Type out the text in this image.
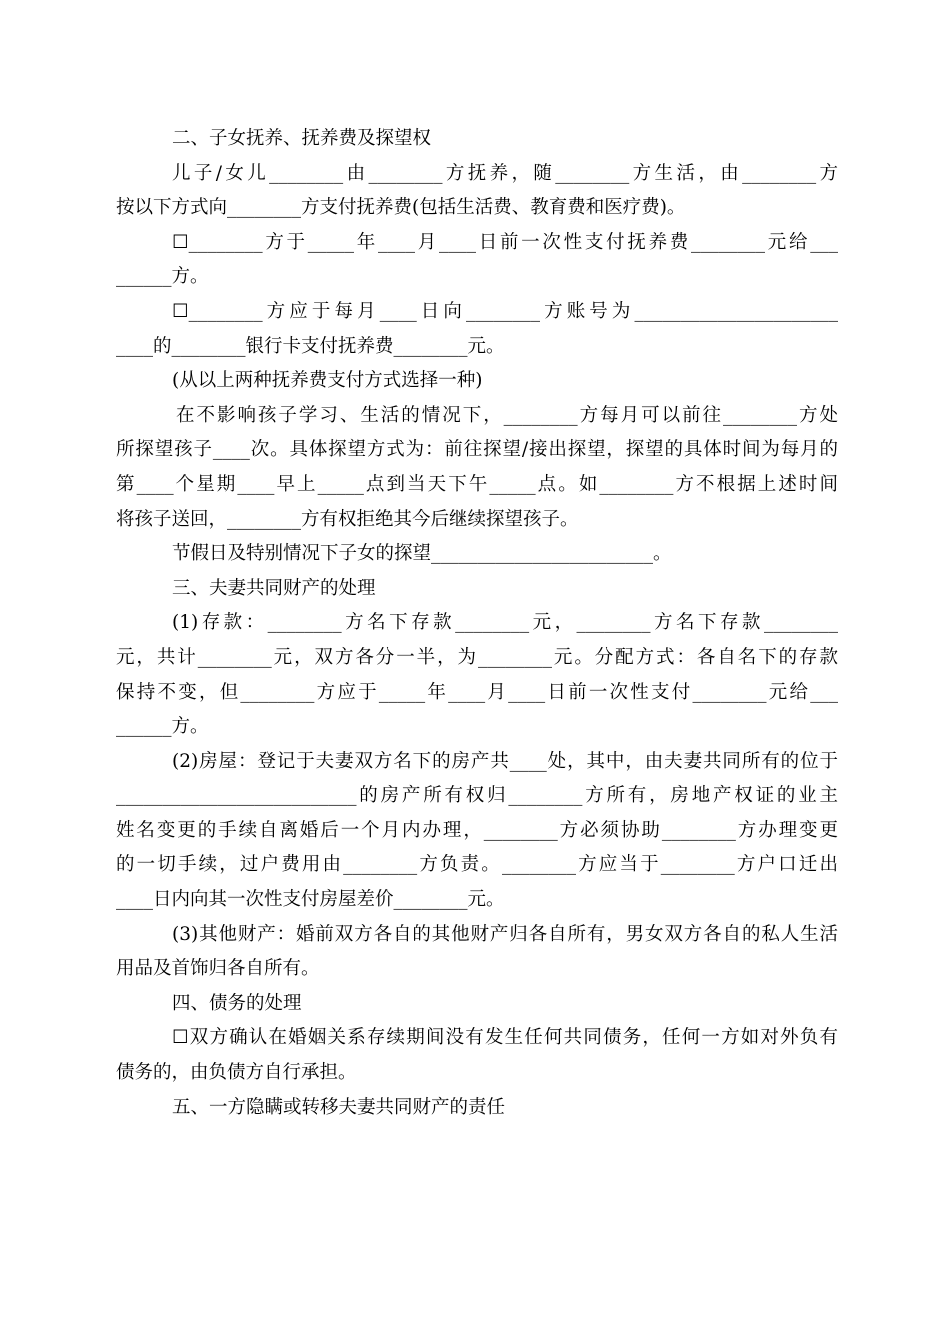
二、子女抚养、抚养费及探望权
儿子/女儿________由________方抚养，随________方生活，由________方
按以下方式向________方支付抚养费(包括生活费、教育费和医疗费)。
☐________方于_____年____月____日前一次性支付抚养费________元给___
______方。
☐________方应于每月____日向________方账号为______________________
____的________银行卡支付抚养费________元。
(从以上两种抚养费支付方式选择一种)
在不影响孩子学习、生活的情况下，________方每月可以前往________方处
所探望孩子____次。具体探望方式为：前往探望/接出探望，探望的具体时间为每月的
第____个星期____早上_____点到当天下午_____点。如________方不根据上述时间
将孩子送回，________方有权拒绝其今后继续探望孩子。
节假日及特别情况下子女的探望________________________。
三、夫妻共同财产的处理
(1)存款：________方名下存款________元，________方名下存款________
元，共计________元，双方各分一半，为________元。分配方式：各自名下的存款
保持不变，但________方应于_____年____月____日前一次性支付________元给___
______方。
(2)房屋：登记于夫妻双方名下的房产共____处，其中，由夫妻共同所有的位于
__________________________的房产所有权归________方所有，房地产权证的业主
姓名变更的手续自离婚后一个月内办理，________方必须协助________方办理变更
的一切手续，过户费用由________方负责。________方应当于________方户口迁出
____日内向其一次性支付房屋差价________元。
(3)其他财产：婚前双方各自的其他财产归各自所有，男女双方各自的私人生活
用品及首饰归各自所有。
四、债务的处理
☐双方确认在婚姻关系存续期间没有发生任何共同债务，任何一方如对外负有
债务的，由负债方自行承担。
五、一方隐瞒或转移夫妻共同财产的责任
